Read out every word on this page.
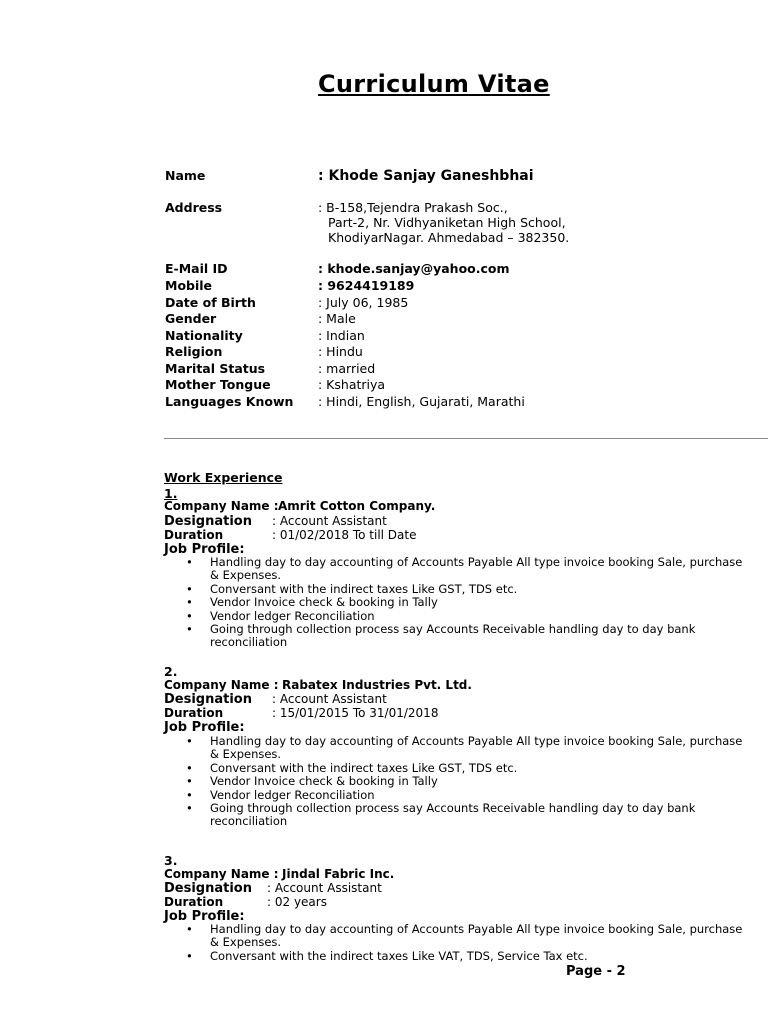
Curriculum Vitae
Name	: Khode Sanjay Ganeshbhai
Address	: B-158,Tejendra Prakash Soc.,
Part-2, Nr. Vidhyaniketan High School,
KhodiyarNagar. Ahmedabad – 382350.
E-Mail ID	: khode.sanjay@yahoo.com
Mobile	: 9624419189
Date of Birth	: July 06, 1985
Gender	: Male
Nationality	: Indian
Religion	: Hindu
Marital Status	: married
Mother Tongue	: Kshatriya
Languages Known : Hindi, English, Gujarati, Marathi
Work Experience
1.
Company Name : Amrit Cotton Company.
Designation : Account Assistant
Duration	: 01/02/2018 To till Date
Job Profile:
• Handling day to day accounting of Accounts Payable All type invoice booking Sale, purchase & Expenses.
• Conversant with the indirect taxes Like GST, TDS etc.
• Vendor Invoice check & booking in Tally
• Vendor ledger Reconciliation
• Going through collection process say Accounts Receivable handling day to day bank reconciliation
2.
Company Name : Rabatex Industries Pvt. Ltd.
Designation : Account Assistant
Duration	: 15/01/2015 To 31/01/2018
Job Profile:
• Handling day to day accounting of Accounts Payable All type invoice booking Sale, purchase & Expenses.
• Conversant with the indirect taxes Like GST, TDS etc.
• Vendor Invoice check & booking in Tally
• Vendor ledger Reconciliation
• Going through collection process say Accounts Receivable handling day to day bank reconciliation
3.
Company Name : Jindal Fabric Inc.
Designation : Account Assistant
Duration	: 02 years
Job Profile:
• Handling day to day accounting of Accounts Payable All type invoice booking Sale, purchase & Expenses.
• Conversant with the indirect taxes Like VAT, TDS, Service Tax etc.
Page - 2
